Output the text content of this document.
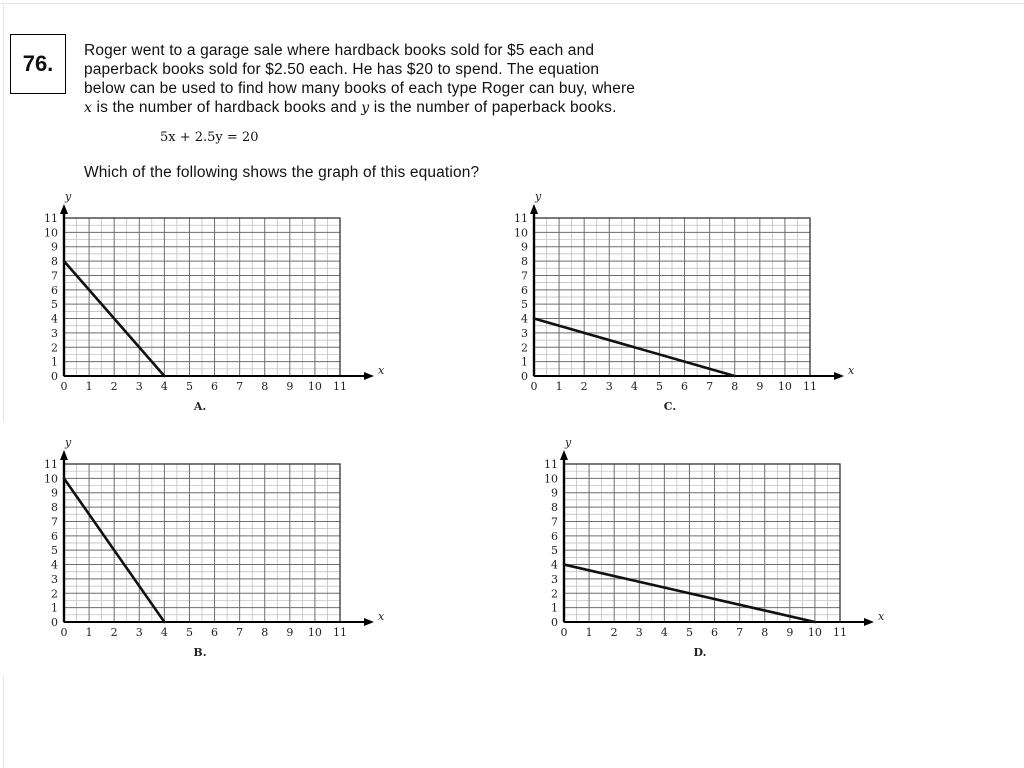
76.
Roger went to a garage sale where hardback books sold for $5 each and
paperback books sold for $2.50 each. He has $20 to spend. The equation
below can be used to find how many books of each type Roger can buy, where
x is the number of hardback books and y is the number of paperback books.
5x + 2.5y = 20
Which of the following shows the graph of this equation?
x
y
0 1 2 3 4 5 6 7 8 9 10 11
0
1
2
3
4
5
6
7
8
9
10
11
A.
x
y
0 1 2 3 4 5 6 7 8 9 10 11
0
1
2
3
4
5
6
7
8
9
10
11
C.
x
y
0 1 2 3 4 5 6 7 8 9 10 11
0
1
2
3
4
5
6
7
8
9
10
11
B.
x
y
0 1 2 3 4 5 6 7 8 9 10 11
0
1
2
3
4
5
6
7
8
9
10
11
D.
